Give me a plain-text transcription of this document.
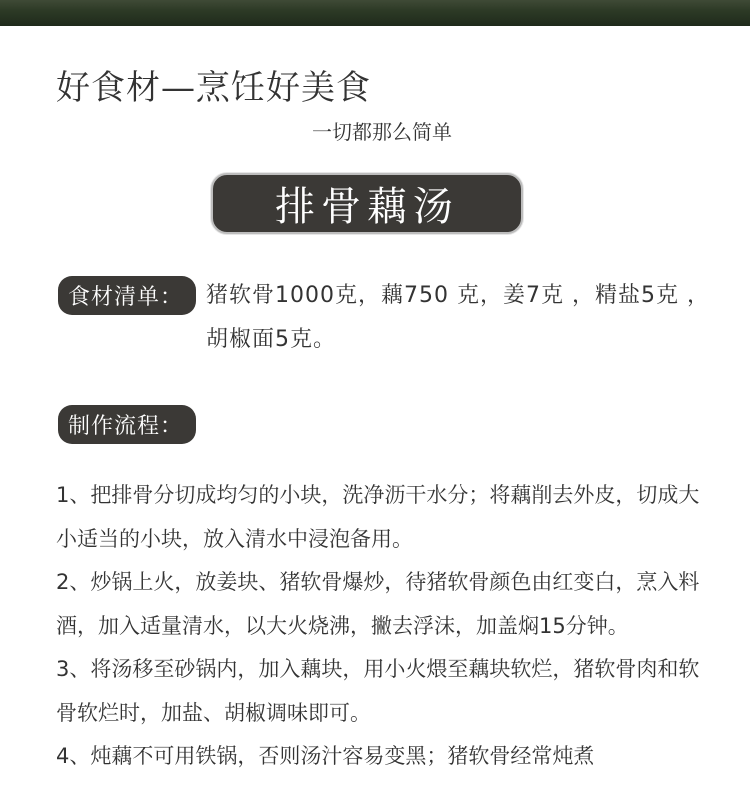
好食材—烹饪好美食
一切都那么简单
排骨藕汤
食材清单： 猪软骨1000克，藕750 克，姜7克 ，精盐5克 ，胡椒面5克。
制作流程：

1、把排骨分切成均匀的小块，洗净沥干水分；将藕削去外皮，切成大小适当的小块，放入清水中浸泡备用。

2、炒锅上火，放姜块、猪软骨爆炒，待猪软骨颜色由红变白，烹入料酒，加入适量清水，以大火烧沸，撇去浮沫，加盖焖15分钟。

3、将汤移至砂锅内，加入藕块，用小火煨至藕块软烂，猪软骨肉和软骨软烂时，加盐、胡椒调味即可。

4、炖藕不可用铁锅，否则汤汁容易变黑；猪软骨经常炖煮
